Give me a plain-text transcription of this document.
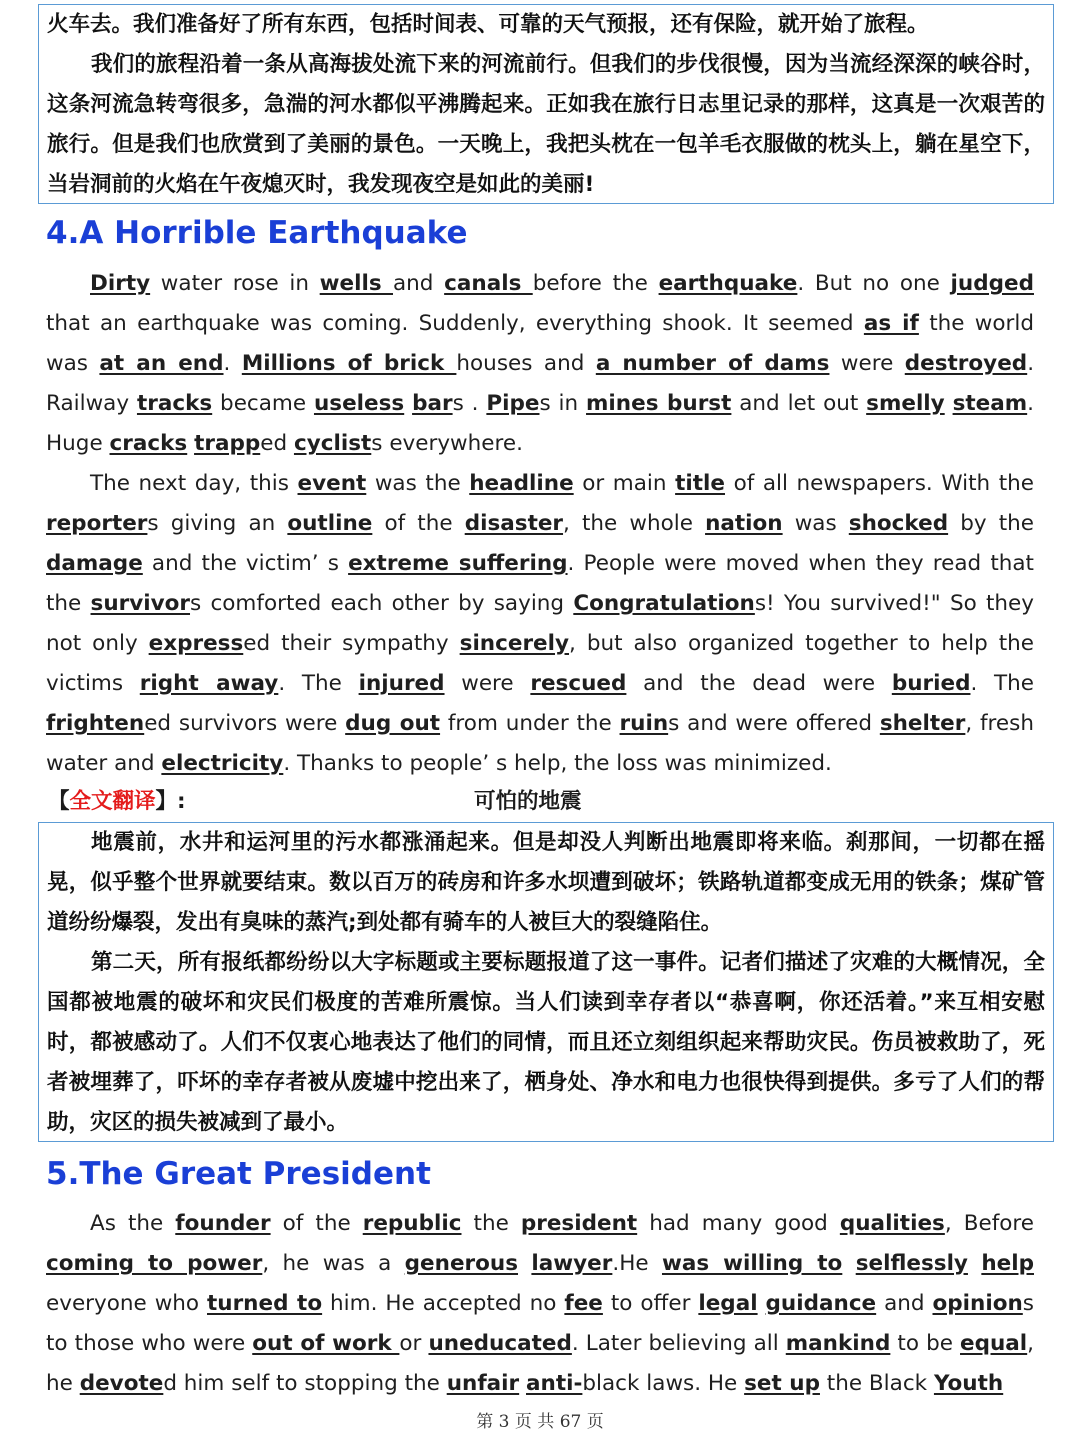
火车去。我们准备好了所有东西，包括时间表、可靠的天气预报，还有保险，就开始了旅程。

我们的旅程沿着一条从高海拔处流下来的河流前行。但我们的步伐很慢，因为当流经深深的峡谷时，这条河流急转弯很多，急湍的河水都似平沸腾起来。正如我在旅行日志里记录的那样，这真是一次艰苦的旅行。但是我们也欣赏到了美丽的景色。一天晚上，我把头枕在一包羊毛衣服做的枕头上，躺在星空下，当岩洞前的火焰在午夜熄灭时，我发现夜空是如此的美丽!

4.A Horrible Earthquake

Dirty water rose in wells and canals before the earthquake. But no one judged that an earthquake was coming. Suddenly, everything shook. It seemed as if the world was at an end. Millions of brick houses and a number of dams were destroyed. Railway tracks became useless bars . Pipes in mines burst and let out smelly steam. Huge cracks trapped cyclists everywhere.

The next day, this event was the headline or main title of all newspapers. With the reporters giving an outline of the disaster, the whole nation was shocked by the damage and the victim’ s extreme suffering. People were moved when they read that the survivors comforted each other by saying Congratulations! You survived!" So they not only expressed their sympathy sincerely, but also organized together to help the victims right away. The injured were rescued and the dead were buried. The frightened survivors were dug out from under the ruins and were offered shelter, fresh water and electricity. Thanks to people’ s help, the loss was minimized.

【全文翻译】:	可怕的地震

地震前，水井和运河里的污水都涨涌起来。但是却没人判断出地震即将来临。刹那间，一切都在摇晃，似乎整个世界就要结束。数以百万的砖房和许多水坝遭到破坏；铁路轨道都变成无用的铁条；煤矿管道纷纷爆裂，发出有臭味的蒸汽;到处都有骑车的人被巨大的裂缝陷住。

第二天，所有报纸都纷纷以大字标题或主要标题报道了这一事件。记者们描述了灾难的大概情况，全国都被地震的破坏和灾民们极度的苦难所震惊。当人们读到幸存者以“恭喜啊，你还活着。”来互相安慰时，都被感动了。人们不仅衷心地表达了他们的同情，而且还立刻组织起来帮助灾民。伤员被救助了，死者被埋葬了，吓坏的幸存者被从废墟中挖出来了，栖身处、净水和电力也很快得到提供。多亏了人们的帮助，灾区的损失被减到了最小。

5.The Great President

As the founder of the republic the president had many good qualities, Before coming to power, he was a generous lawyer.He was willing to selflessly help everyone who turned to him. He accepted no fee to offer legal guidance and opinions to those who were out of work or uneducated. Later believing all mankind to be equal, he devoted him self to stopping the unfair anti-black laws. He set up the Black Youth

第 3 页 共 67 页
